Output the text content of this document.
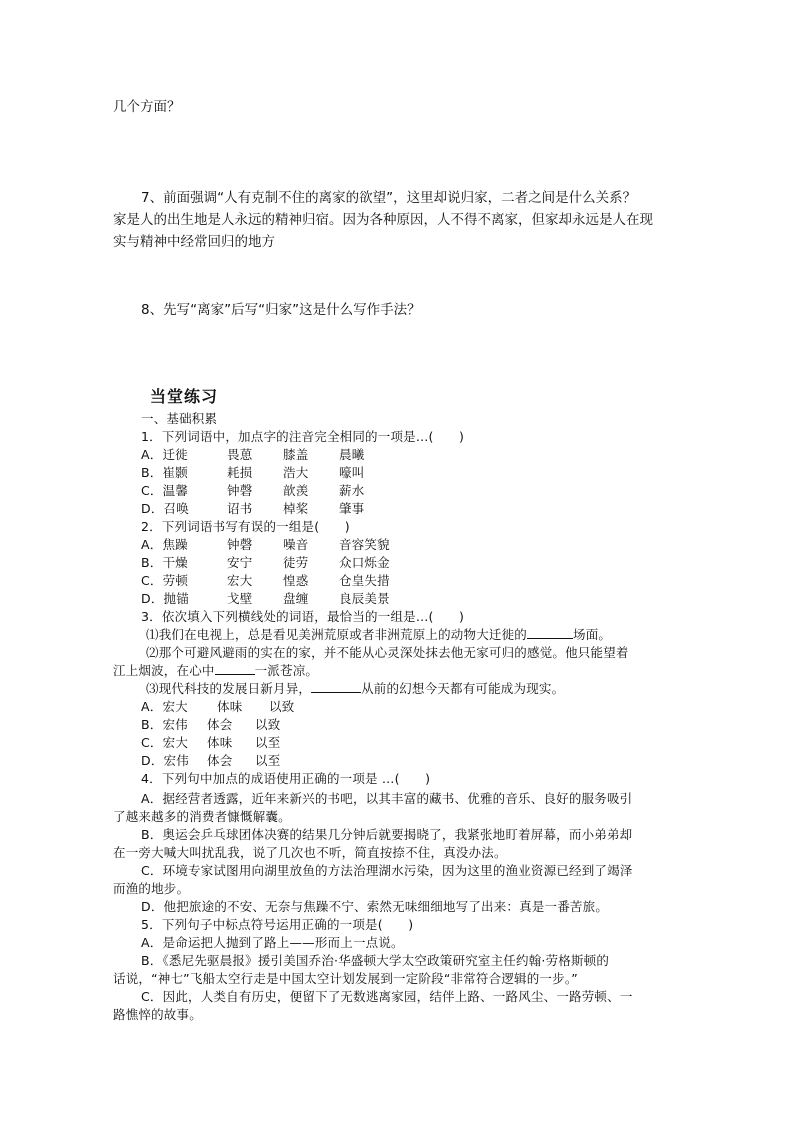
几个方面？
7、前面强调“人有克制不住的离家的欲望”，这里却说归家，二者之间是什么关系？
家是人的出生地是人永远的精神归宿。因为各种原因，人不得不离家，但家却永远是人在现
实与精神中经常回归的地方
8、先写“离家”后写“归家”这是什么写作手法？
当堂练习
一、基础积累
1．下列词语中，加点字的注音完全相同的一项是…(　　)
A．迁徙	畏葸 膝盖 晨曦
B．崔颢	耗损 浩大 嚎叫
C．温馨	钟磬 歆羡 薪水
D．召唤	诏书 棹桨 肇事
2．下列词语书写有误的一组是(　　)
A．焦躁	钟磬 噪音 音容笑貌
B．干燥	安宁 徒劳 众口烁金
C．劳顿	宏大 惶惑 仓皇失措
D．抛锚	戈壁 盘缠 良辰美景
3．依次填入下列横线处的词语，最恰当的一组是…(　　)
⑴我们在电视上，总是看见美洲荒原或者非洲荒原上的动物大迁徙的	场面。
⑵那个可避风避雨的实在的家，并不能从心灵深处抹去他无家可归的感觉。他只能望着
江上烟波，在心中	一派苍凉。
⑶现代科技的发展日新月异，	从前的幻想今天都有可能成为现实。
A．宏大 体味 以致
B．宏伟 体会 以致
C．宏大 体味 以至
D．宏伟 体会 以至
4．下列句中加点的成语使用正确的一项是 …(　　)
A．据经营者透露，近年来新兴的书吧，以其丰富的藏书、优雅的音乐、良好的服务吸引
了越来越多的消费者慷慨解囊。
B．奥运会乒乓球团体决赛的结果几分钟后就要揭晓了，我紧张地盯着屏幕，而小弟弟却
在一旁大喊大叫扰乱我，说了几次也不听，简直按捺不住，真没办法。
C．环境专家试图用向湖里放鱼的方法治理湖水污染，因为这里的渔业资源已经到了竭泽
而渔的地步。
D．他把旅途的不安、无奈与焦躁不宁、索然无味细细地写了出来：真是一番苦旅。
5．下列句子中标点符号运用正确的一项是(　　)
A．是命运把人抛到了路上——形而上一点说。
B．《悉尼先驱晨报》援引美国乔治·华盛顿大学太空政策研究室主任约翰·劳格斯顿的
话说，“神七”飞船太空行走是中国太空计划发展到一定阶段“非常符合逻辑的一步。”
C．因此，人类自有历史，便留下了无数逃离家园，结伴上路、一路风尘、一路劳顿、一
路憔悴的故事。
